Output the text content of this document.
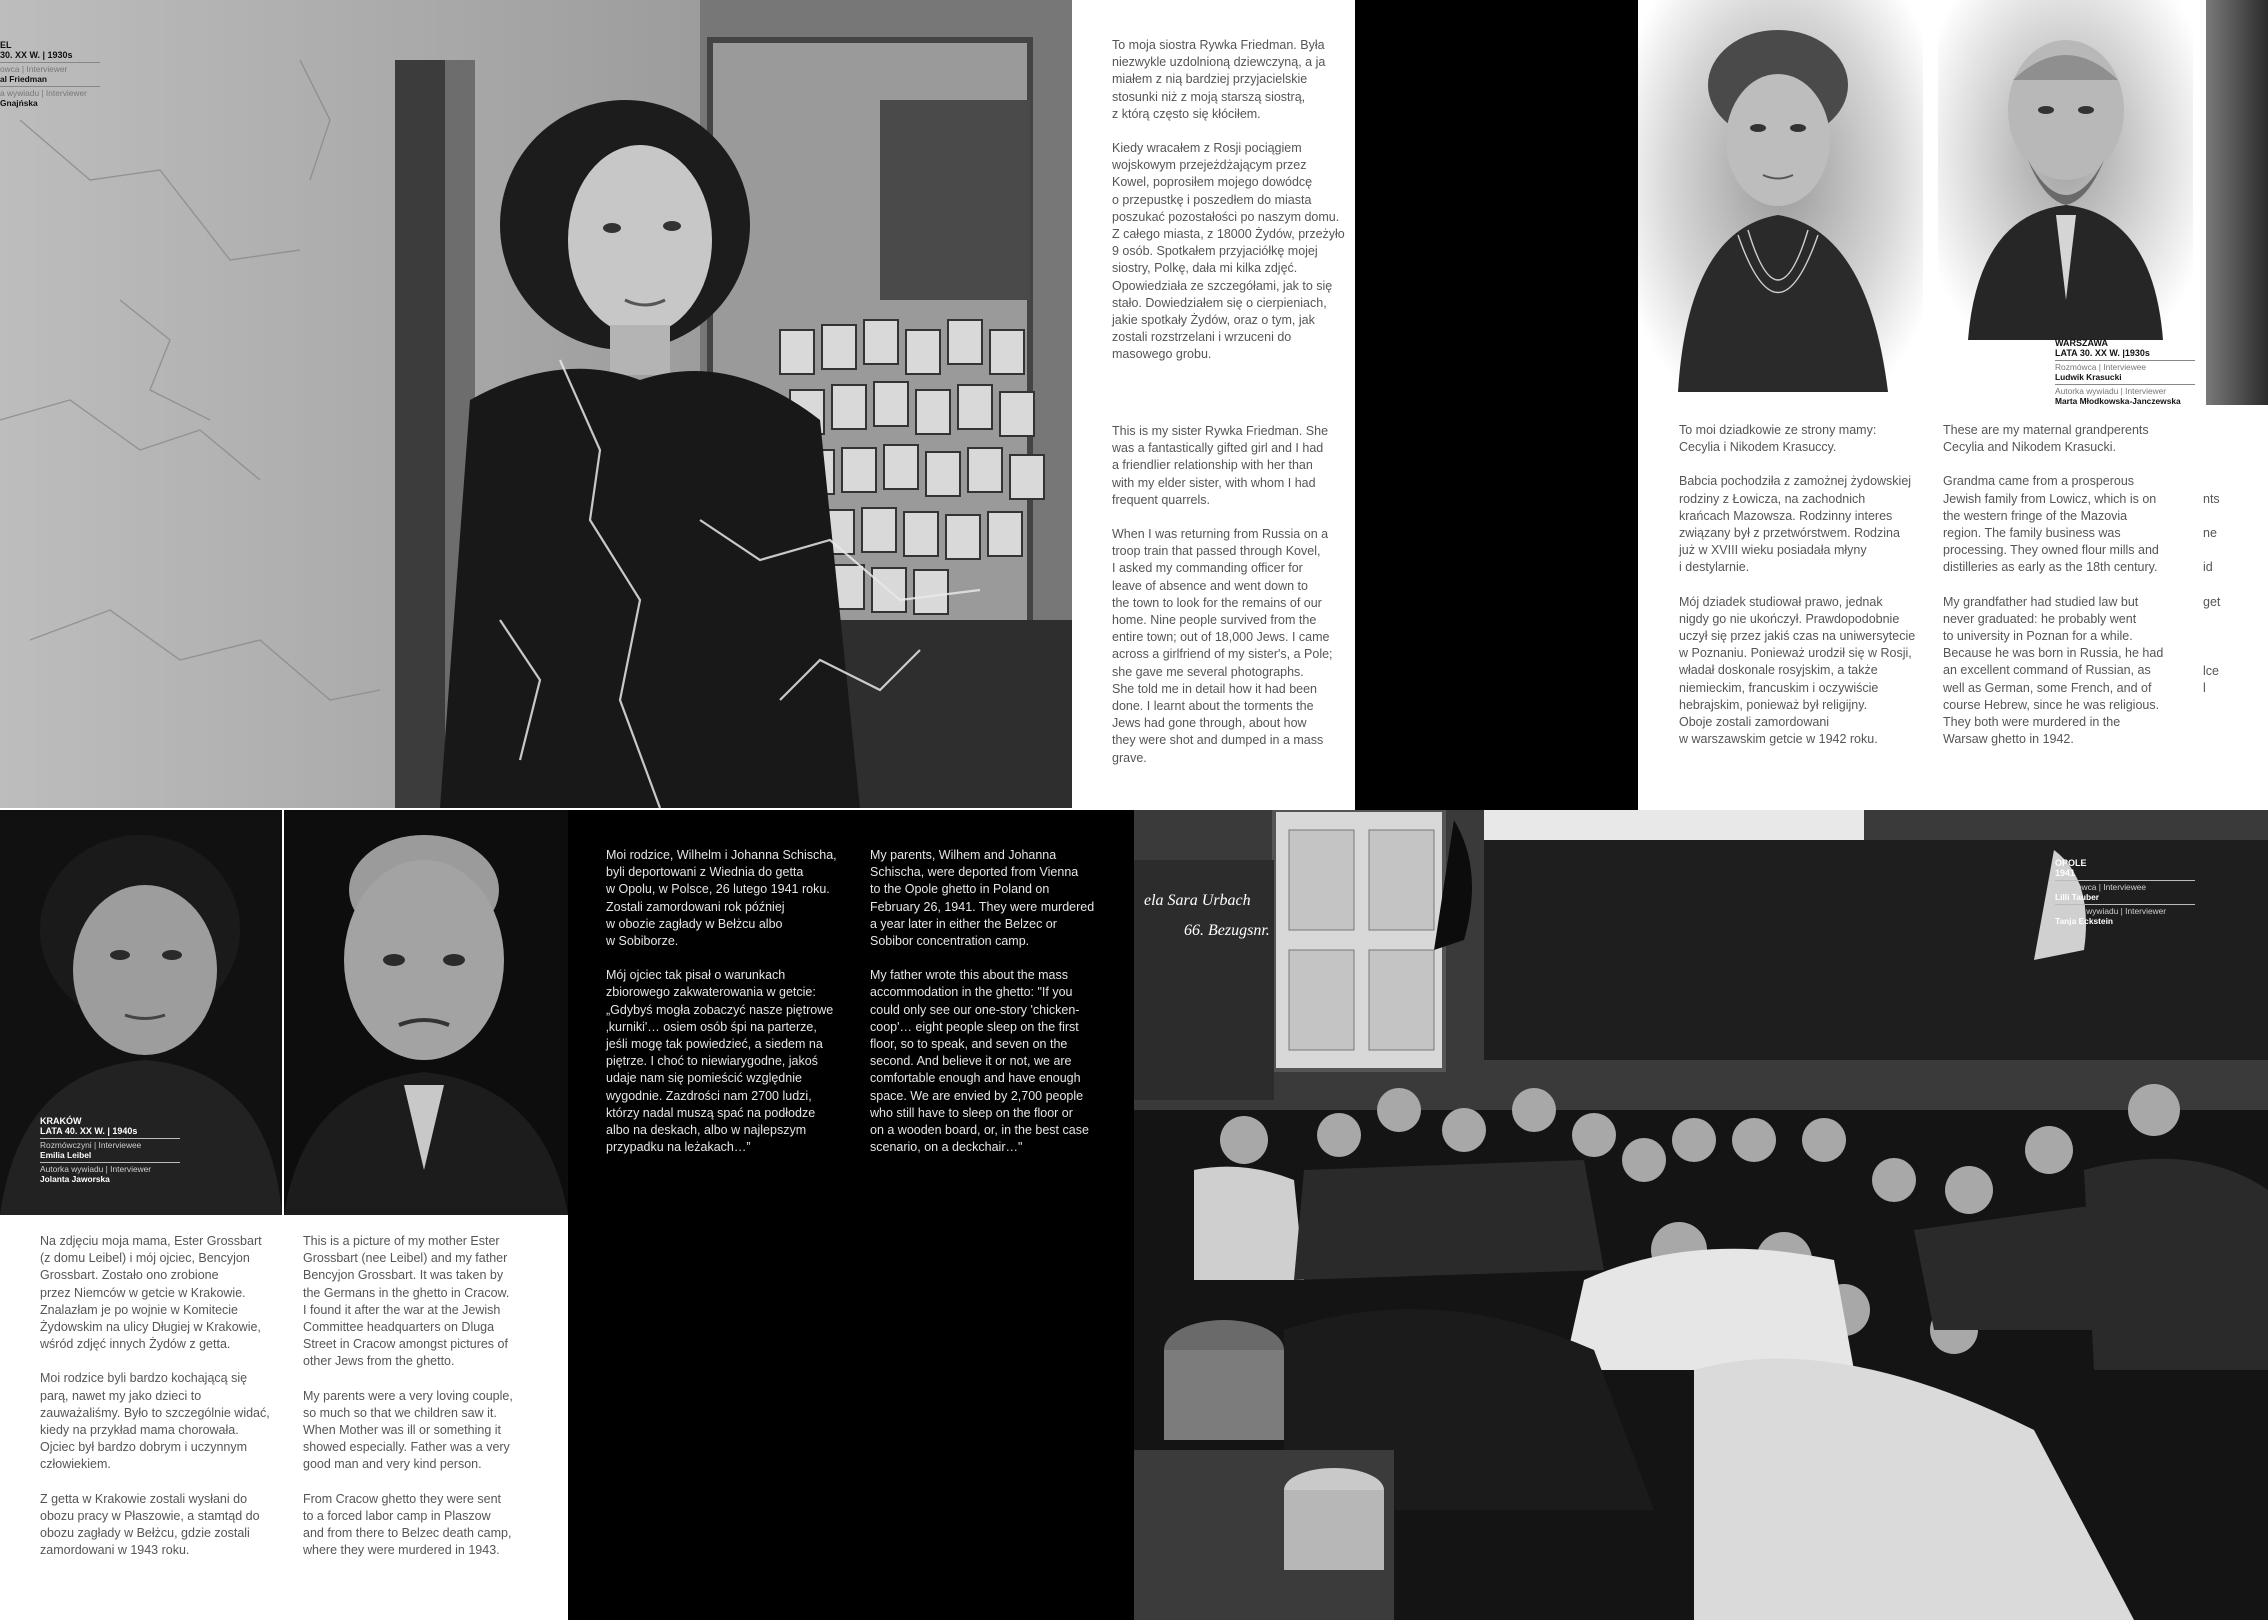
EL
30. XX W. | 1930s
owca | Interviewer
al Friedman
a wywiadu | Interviewer
Gnajńska

To moja siostra Rywka Friedman. Była
niezwykle uzdolnioną dziewczyną, a ja
miałem z nią bardziej przyjacielskie
stosunki niż z moją starszą siostrą,
z którą często się kłóciłem.

Kiedy wracałem z Rosji pociągiem
wojskowym przejeżdżającym przez
Kowel, poprosiłem mojego dowódcę
o przepustkę i poszedłem do miasta
poszukać pozostałości po naszym domu.
Z całego miasta, z 18000 Żydów, przeżyło
9 osób. Spotkałem przyjaciółkę mojej
siostry, Polkę, dała mi kilka zdjęć.
Opowiedziała ze szczegółami, jak to się
stało. Dowiedziałem się o cierpieniach,
jakie spotkały Żydów, oraz o tym, jak
zostali rozstrzelani i wrzuceni do
masowego grobu.

This is my sister Rywka Friedman. She
was a fantastically gifted girl and I had
a friendlier relationship with her than
with my elder sister, with whom I had
frequent quarrels.

When I was returning from Russia on a
troop train that passed through Kovel,
I asked my commanding officer for
leave of absence and went down to
the town to look for the remains of our
home. Nine people survived from the
entire town; out of 18,000 Jews. I came
across a girlfriend of my sister's, a Pole;
she gave me several photographs.
She told me in detail how it had been
done. I learnt about the torments the
Jews had gone through, about how
they were shot and dumped in a mass
grave.

WARSZAWA
LATA 30. XX W. |1930s
Rozmówca | Interviewee
Ludwik Krasucki
Autorka wywiadu | Interviewer
Marta Młodkowska-Janczewska

To moi dziadkowie ze strony mamy:
Cecylia i Nikodem Krasuccy.

Babcia pochodziła z zamożnej żydowskiej
rodziny z Łowicza, na zachodnich
krańcach Mazowsza. Rodzinny interes
związany był z przetwórstwem. Rodzina
już w XVIII wieku posiadała młyny
i destylarnie.

Mój dziadek studiował prawo, jednak
nigdy go nie ukończył. Prawdopodobnie
uczył się przez jakiś czas na uniwersytecie
w Poznaniu. Ponieważ urodził się w Rosji,
władał doskonale rosyjskim, a także
niemieckim, francuskim i oczywiście
hebrajskim, ponieważ był religijny.
Oboje zostali zamordowani
w warszawskim getcie w 1942 roku.

These are my maternal grandperents
Cecylia and Nikodem Krasucki.

Grandma came from a prosperous
Jewish family from Lowicz, which is on
the western fringe of the Mazovia
region. The family business was
processing. They owned flour mills and
distilleries as early as the 18th century.

My grandfather had studied law but
never graduated: he probably went
to university in Poznan for a while.
Because he was born in Russia, he had
an excellent command of Russian, as
well as German, some French, and of
course Hebrew, since he was religious.
They both were murdered in the
Warsaw ghetto in 1942.

nts
ne
id
get
lce
l
KRAKÓW
LATA 40. XX W. | 1940s
Rozmówczyni | Interviewee
Emilia Leibel
Autorka wywiadu | Interviewer
Jolanta Jaworska

Na zdjęciu moja mama, Ester Grossbart
(z domu Leibel) i mój ojciec, Bencyjon
Grossbart. Zostało ono zrobione
przez Niemców w getcie w Krakowie.
Znalazłam je po wojnie w Komitecie
Żydowskim na ulicy Długiej w Krakowie,
wśród zdjęć innych Żydów z getta.

Moi rodzice byli bardzo kochającą się
parą, nawet my jako dzieci to
zauważaliśmy. Było to szczególnie widać,
kiedy na przykład mama chorowała.
Ojciec był bardzo dobrym i uczynnym
człowiekiem.

Z getta w Krakowie zostali wysłani do
obozu pracy w Płaszowie, a stamtąd do
obozu zagłady w Bełżcu, gdzie zostali
zamordowani w 1943 roku.

This is a picture of my mother Ester
Grossbart (nee Leibel) and my father
Bencyjon Grossbart. It was taken by
the Germans in the ghetto in Cracow.
I found it after the war at the Jewish
Committee headquarters on Dluga
Street in Cracow amongst pictures of
other Jews from the ghetto.

My parents were a very loving couple,
so much so that we children saw it.
When Mother was ill or something it
showed especially. Father was a very
good man and very kind person.

From Cracow ghetto they were sent
to a forced labor camp in Plaszow
and from there to Belzec death camp,
where they were murdered in 1943.

Moi rodzice, Wilhelm i Johanna Schischa,
byli deportowani z Wiednia do getta
w Opolu, w Polsce, 26 lutego 1941 roku.
Zostali zamordowani rok później
w obozie zagłady w Bełżcu albo
w Sobiborze.

Mój ojciec tak pisał o warunkach
zbiorowego zakwaterowania w getcie:
„Gdybyś mogła zobaczyć nasze piętrowe
‚kurniki'… osiem osób śpi na parterze,
jeśli mogę tak powiedzieć, a siedem na
piętrze. I choć to niewiarygodne, jakoś
udaje nam się pomieścić względnie
wygodnie. Zazdrości nam 2700 ludzi,
którzy nadal muszą spać na podłodze
albo na deskach, albo w najlepszym
przypadku na leżakach…”

My parents, Wilhem and Johanna
Schischa, were deported from Vienna
to the Opole ghetto in Poland on
February 26, 1941. They were murdered
a year later in either the Belzec or
Sobibor concentration camp.

My father wrote this about the mass
accommodation in the ghetto: "If you
could only see our one-story 'chicken-
coop'… eight people sleep on the first
floor, so to speak, and seven on the
second. And believe it or not, we are
comfortable enough and have enough
space. We are envied by 2,700 people
who still have to sleep on the floor or
on a wooden board, or, in the best case
scenario, on a deckchair…"

ela Sara Urbach
66. Bezugsnr.
OPOLE
1941
Rozmówca | Interviewee
Lilli Tauber
Autorka wywiadu | Interviewer
Tanja Eckstein
